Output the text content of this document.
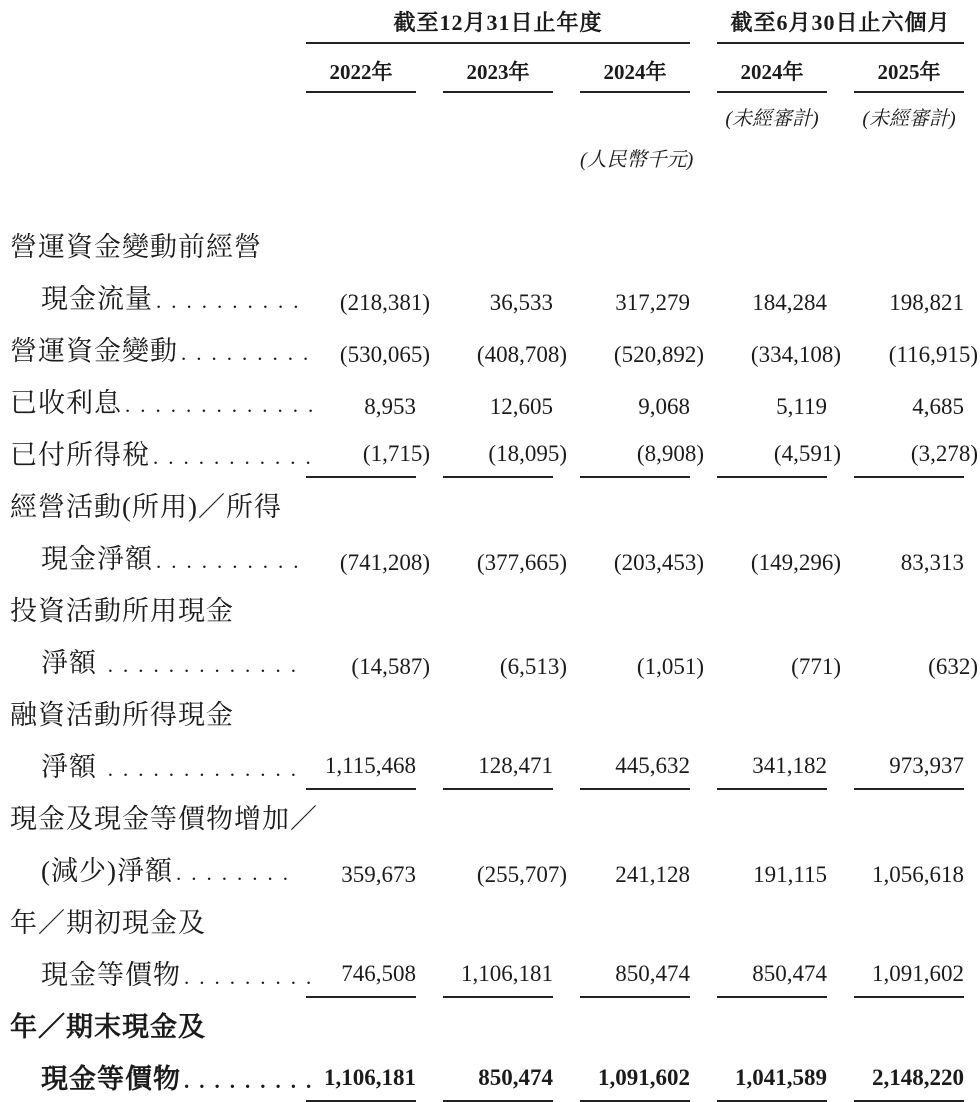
截至12月31日止年度	截至6月30日止六個月
2022年	2023年	2024年	2024年	2025年
(未經審計)	(未經審計)
(人民幣千元)
營運資金變動前經營
現金流量 ..........	(218,381)	36,533	317,279	184,284	198,821
營運資金變動 ......... (530,065)	(408,708)	(520,892)	(334,108)	(116,915)
已收利息 .............	8,953	12,605	9,068	5,119	4,685
已付所得稅 ...........	(1,715)	(18,095)	(8,908)	(4,591)	(3,278)
經營活動(所用)／所得
現金淨額 ..........	(741,208)	(377,665)	(203,453)	(149,296)	83,313
投資活動所用現金
淨額 .............	(14,587)	(6,513)	(1,051)	(771)	(632)
融資活動所得現金
淨額 ............. 1,115,468	128,471	445,632	341,182	973,937
現金及現金等價物增加／
(減少)淨額 ........	359,673	(255,707)	241,128	191,115	1,056,618
年／期初現金及
現金等價物 ......... 746,508	1,106,181	850,474	850,474	1,091,602
年／期末現金及
現金等價物 ......... 1,106,181	850,474	1,091,602	1,041,589	2,148,220
